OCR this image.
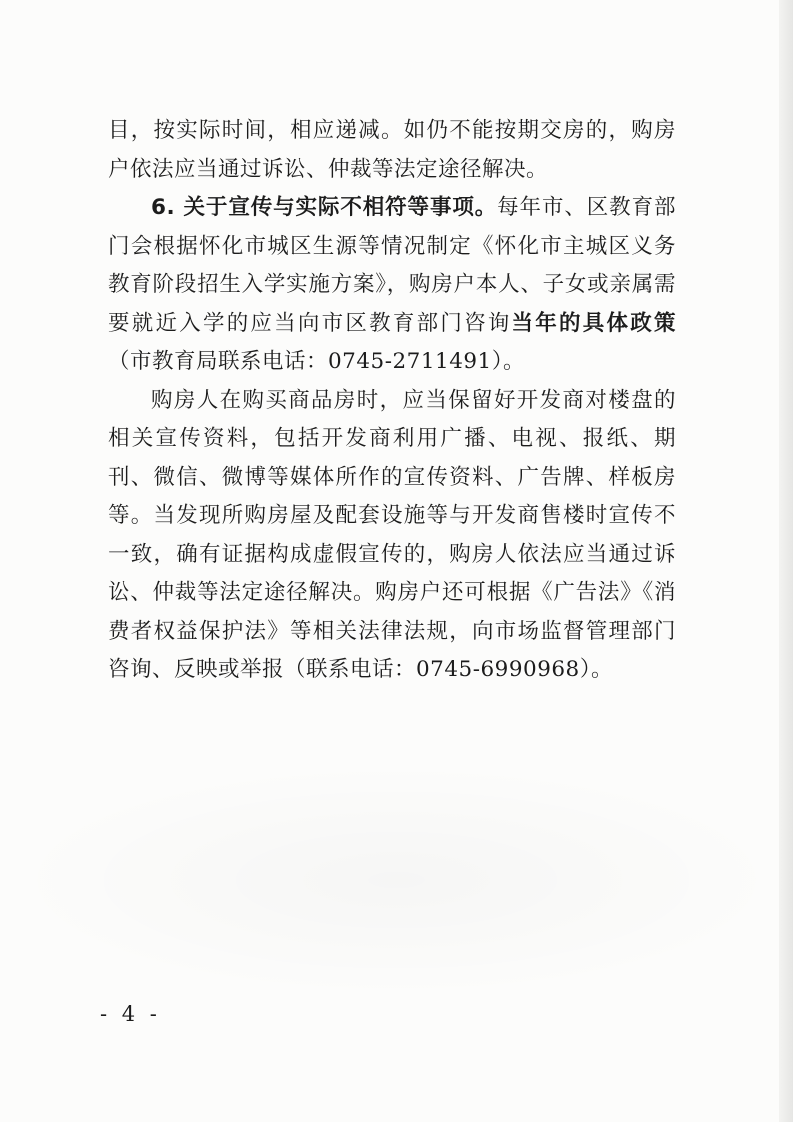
目，按实际时间，相应递减。如仍不能按期交房的，购房户依法应当通过诉讼、仲裁等法定途径解决。

6. 关于宣传与实际不相符等事项。每年市、区教育部门会根据怀化市城区生源等情况制定《怀化市主城区义务教育阶段招生入学实施方案》，购房户本人、子女或亲属需要就近入学的应当向市区教育部门咨询当年的具体政策（市教育局联系电话：0745-2711491）。

购房人在购买商品房时，应当保留好开发商对楼盘的相关宣传资料，包括开发商利用广播、电视、报纸、期刊、微信、微博等媒体所作的宣传资料、广告牌、样板房等。当发现所购房屋及配套设施等与开发商售楼时宣传不一致，确有证据构成虚假宣传的，购房人依法应当通过诉讼、仲裁等法定途径解决。购房户还可根据《广告法》《消费者权益保护法》等相关法律法规，向市场监督管理部门咨询、反映或举报（联系电话：0745-6990968）。

- 4 -
